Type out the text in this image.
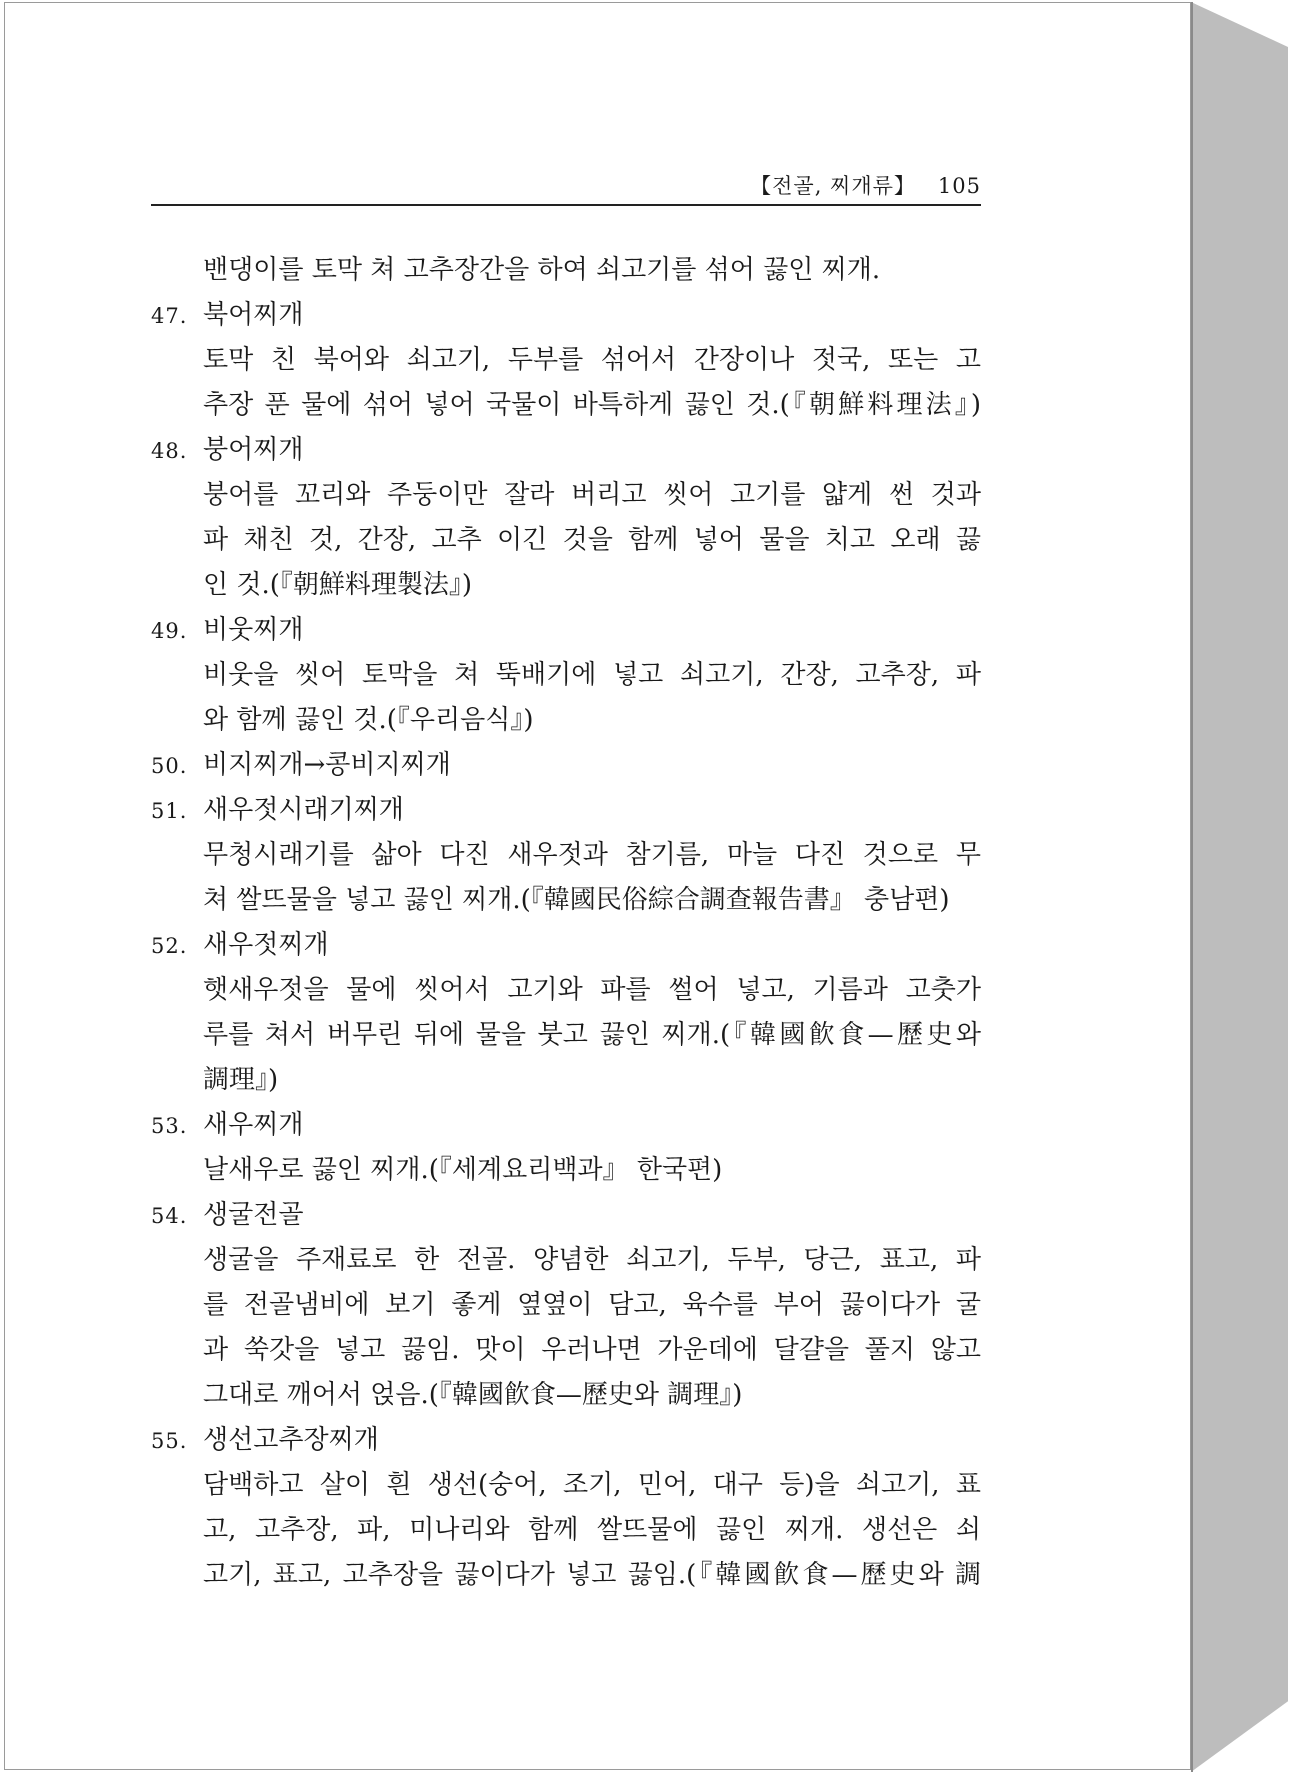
【전골, 찌개류】 105
밴댕이를 토막 쳐 고추장간을 하여 쇠고기를 섞어 끓인 찌개.
47. 북어찌개
토막 친 북어와 쇠고기, 두부를 섞어서 간장이나 젓국, 또는 고
추장 푼 물에 섞어 넣어 국물이 바특하게 끓인 것.(『朝鮮料理法』)
48. 붕어찌개
붕어를 꼬리와 주둥이만 잘라 버리고 씻어 고기를 얇게 썬 것과
파 채친 것, 간장, 고추 이긴 것을 함께 넣어 물을 치고 오래 끓
인 것.(『朝鮮料理製法』)
49. 비웃찌개
비웃을 씻어 토막을 쳐 뚝배기에 넣고 쇠고기, 간장, 고추장, 파
와 함께 끓인 것.(『우리음식』)
50. 비지찌개→콩비지찌개
51. 새우젓시래기찌개
무청시래기를 삶아 다진 새우젓과 참기름, 마늘 다진 것으로 무
쳐 쌀뜨물을 넣고 끓인 찌개.(『韓國民俗綜合調查報告書』 충남편)
52. 새우젓찌개
햇새우젓을 물에 씻어서 고기와 파를 썰어 넣고, 기름과 고춧가
루를 쳐서 버무린 뒤에 물을 붓고 끓인 찌개.(『韓國飮食—歷史와
調理』)
53. 새우찌개
날새우로 끓인 찌개.(『세계요리백과』 한국편)
54. 생굴전골
생굴을 주재료로 한 전골. 양념한 쇠고기, 두부, 당근, 표고, 파
를 전골냄비에 보기 좋게 옆옆이 담고, 육수를 부어 끓이다가 굴
과 쑥갓을 넣고 끓임. 맛이 우러나면 가운데에 달걀을 풀지 않고
그대로 깨어서 얹음.(『韓國飮食—歷史와 調理』)
55. 생선고추장찌개
담백하고 살이 흰 생선(숭어, 조기, 민어, 대구 등)을 쇠고기, 표
고, 고추장, 파, 미나리와 함께 쌀뜨물에 끓인 찌개. 생선은 쇠
고기, 표고, 고추장을 끓이다가 넣고 끓임.(『韓國飮食—歷史와 調
